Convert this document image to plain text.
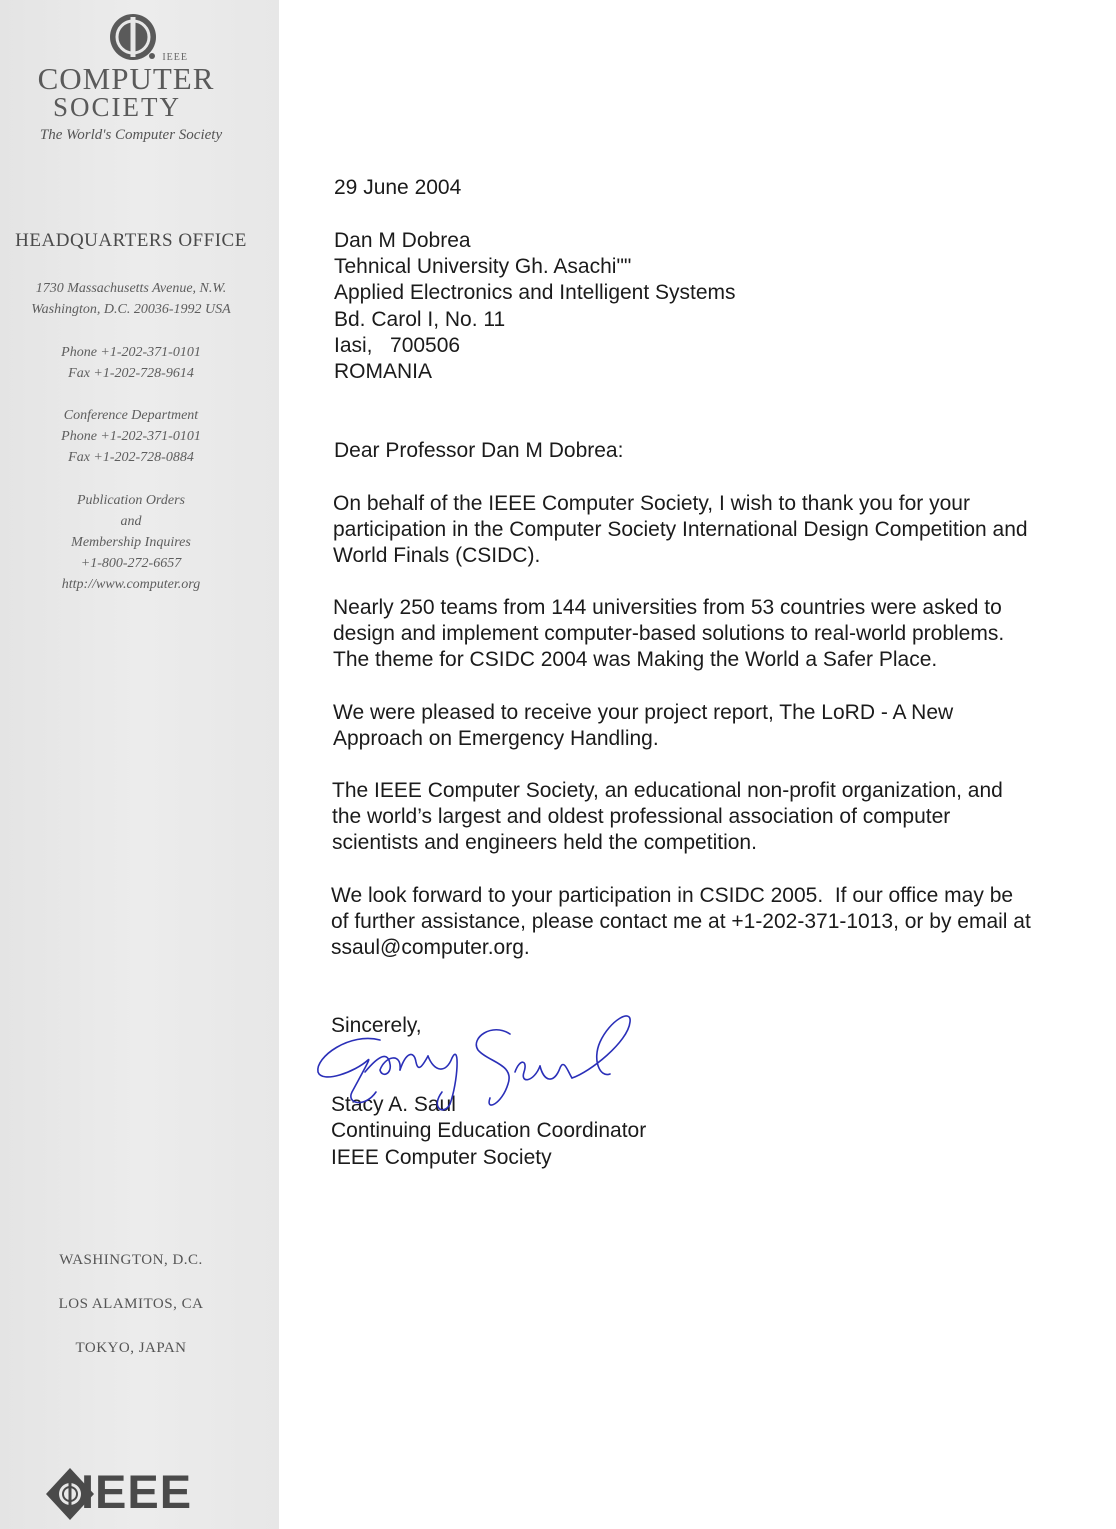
IEEE
COMPUTER
SOCIETY
The World's Computer Society
HEADQUARTERS OFFICE
1730 Massachusetts Avenue, N.W.
Washington, D.C. 20036-1992 USA
Phone +1-202-371-0101
Fax +1-202-728-9614
Conference Department
Phone +1-202-371-0101
Fax +1-202-728-0884
Publication Orders
and
Membership Inquires
+1-800-272-6657
http://www.computer.org
WASHINGTON, D.C.
LOS ALAMITOS, CA
TOKYO, JAPAN
IEEE
29 June 2004
Dan M Dobrea
Tehnical University Gh. Asachi""
Applied Electronics and Intelligent Systems
Bd. Carol I, No. 11
Iasi,   700506
ROMANIA
Dear Professor Dan M Dobrea:
On behalf of the IEEE Computer Society, I wish to thank you for your
participation in the Computer Society International Design Competition and
World Finals (CSIDC).
Nearly 250 teams from 144 universities from 53 countries were asked to
design and implement computer-based solutions to real-world problems.
The theme for CSIDC 2004 was Making the World a Safer Place.
We were pleased to receive your project report, The LoRD - A New
Approach on Emergency Handling.
The IEEE Computer Society, an educational non-profit organization, and
the world’s largest and oldest professional association of computer
scientists and engineers held the competition.
We look forward to your participation in CSIDC 2005.  If our office may be
of further assistance, please contact me at +1-202-371-1013, or by email at
ssaul@computer.org.
Sincerely,
Stacy A. Saul
Continuing Education Coordinator
IEEE Computer Society
